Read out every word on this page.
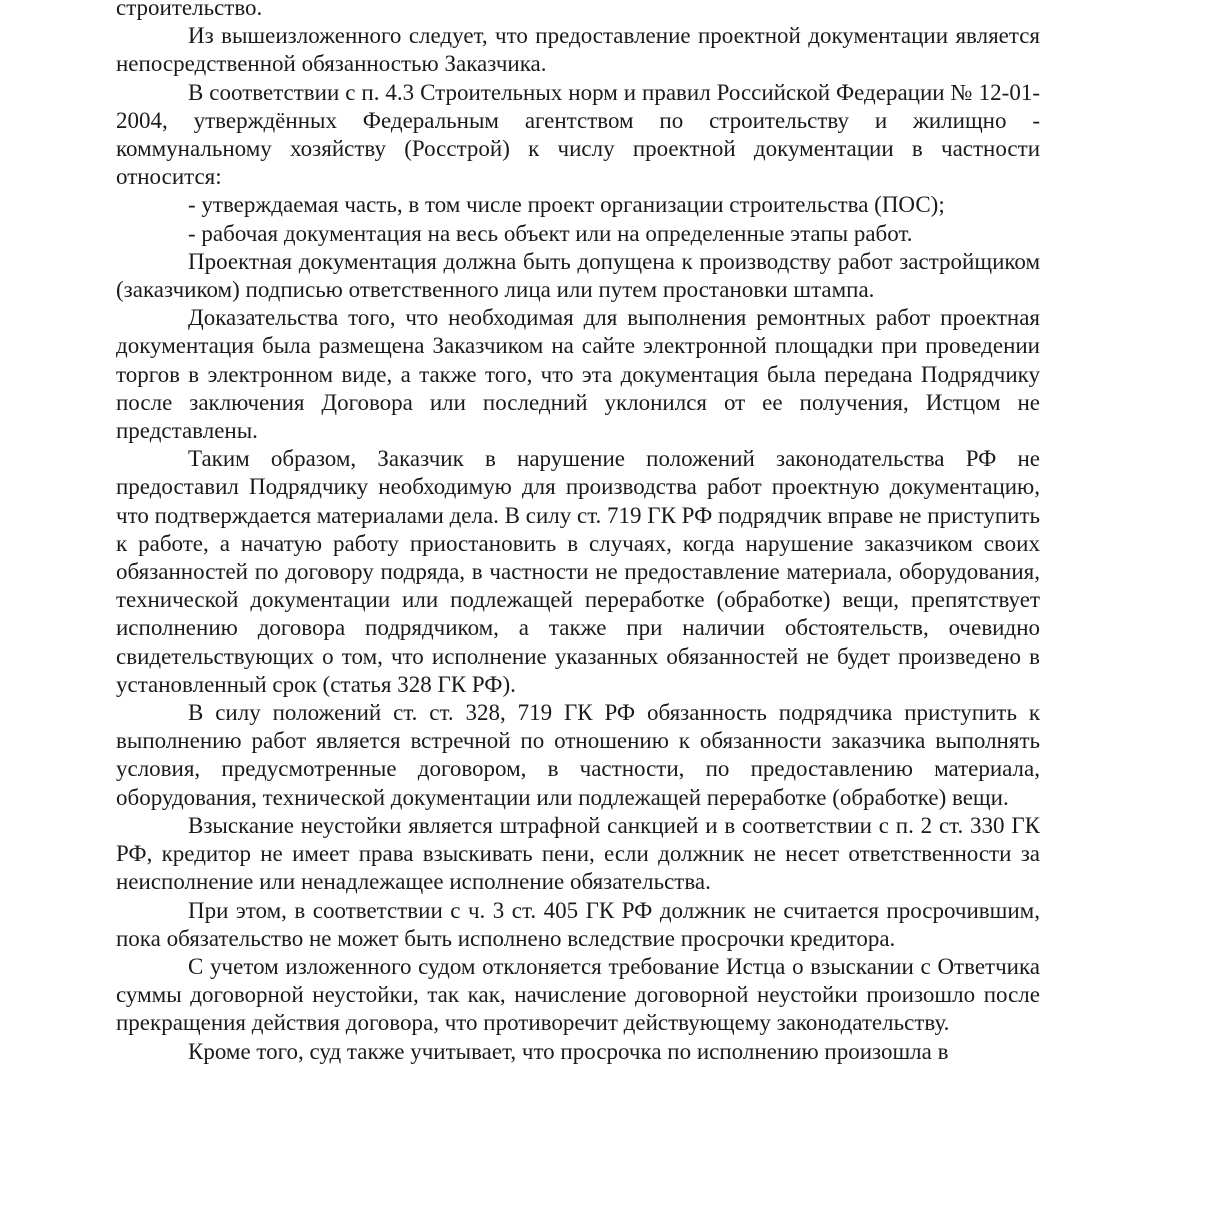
строительство.

Из вышеизложенного следует, что предоставление проектной документации является непосредственной обязанностью Заказчика.

В соответствии с п. 4.3 Строительных норм и правил Российской Федерации № 12-01-2004, утверждённых Федеральным агентством по строительству и жилищно - коммунальному хозяйству (Росстрой) к числу проектной документации в частности относится:

- утверждаемая часть, в том числе проект организации строительства (ПОС);

- рабочая документация на весь объект или на определенные этапы работ.

Проектная документация должна быть допущена к производству работ застройщиком (заказчиком) подписью ответственного лица или путем простановки штампа.

Доказательства того, что необходимая для выполнения ремонтных работ проектная документация была размещена Заказчиком на сайте электронной площадки при проведении торгов в электронном виде, а также того, что эта документация была передана Подрядчику после заключения Договора или последний уклонился от ее получения, Истцом не представлены.

Таким образом, Заказчик в нарушение положений законодательства РФ не предоставил Подрядчику необходимую для производства работ проектную документацию, что подтверждается материалами дела. В силу ст. 719 ГК РФ подрядчик вправе не приступить к работе, а начатую работу приостановить в случаях, когда нарушение заказчиком своих обязанностей по договору подряда, в частности не предоставление материала, оборудования, технической документации или подлежащей переработке (обработке) вещи, препятствует исполнению договора подрядчиком, а также при наличии обстоятельств, очевидно свидетельствующих о том, что исполнение указанных обязанностей не будет произведено в установленный срок (статья 328 ГК РФ).

В силу положений ст. ст. 328, 719 ГК РФ обязанность подрядчика приступить к выполнению работ является встречной по отношению к обязанности заказчика выполнять условия, предусмотренные договором, в частности, по предоставлению материала, оборудования, технической документации или подлежащей переработке (обработке) вещи.

Взыскание неустойки является штрафной санкцией и в соответствии с п. 2 ст. 330 ГК РФ, кредитор не имеет права взыскивать пени, если должник не несет ответственности за неисполнение или ненадлежащее исполнение обязательства.

При этом, в соответствии с ч. 3 ст. 405 ГК РФ должник не считается просрочившим, пока обязательство не может быть исполнено вследствие просрочки кредитора.

С учетом изложенного судом отклоняется требование Истца о взыскании с Ответчика суммы договорной неустойки, так как, начисление договорной неустойки произошло после прекращения действия договора, что противоречит действующему законодательству.

Кроме того, суд также учитывает, что просрочка по исполнению произошла в
